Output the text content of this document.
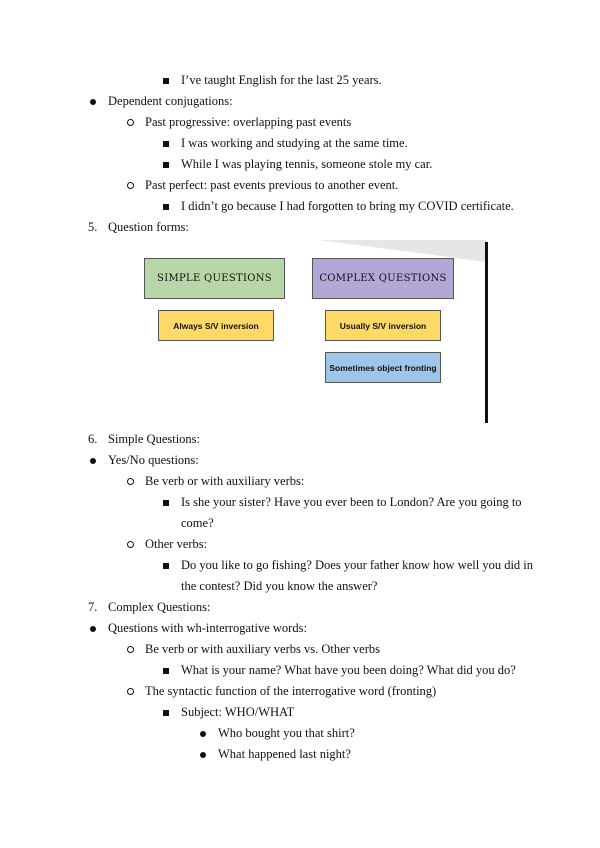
I’ve taught English for the last 25 years.
Dependent conjugations:
Past progressive: overlapping past events
I was working and studying at the same time.
While I was playing tennis, someone stole my car.
Past perfect: past events previous to another event.
I didn’t go because I had forgotten to bring my COVID certificate.
5. Question forms:
SIMPLE QUESTIONS	COMPLEX QUESTIONS
Always S/V inversion	Usually S/V inversion
Sometimes object fronting
6. Simple Questions:
Yes/No questions:
Be verb or with auxiliary verbs:
Is she your sister? Have you ever been to London? Are you going to
come?
Other verbs:
Do you like to go fishing? Does your father know how well you did in
the contest? Did you know the answer?
7. Complex Questions:
Questions with wh-interrogative words:
Be verb or with auxiliary verbs vs. Other verbs
What is your name? What have you been doing? What did you do?
The syntactic function of the interrogative word (fronting)
Subject: WHO/WHAT
Who bought you that shirt?
What happened last night?
